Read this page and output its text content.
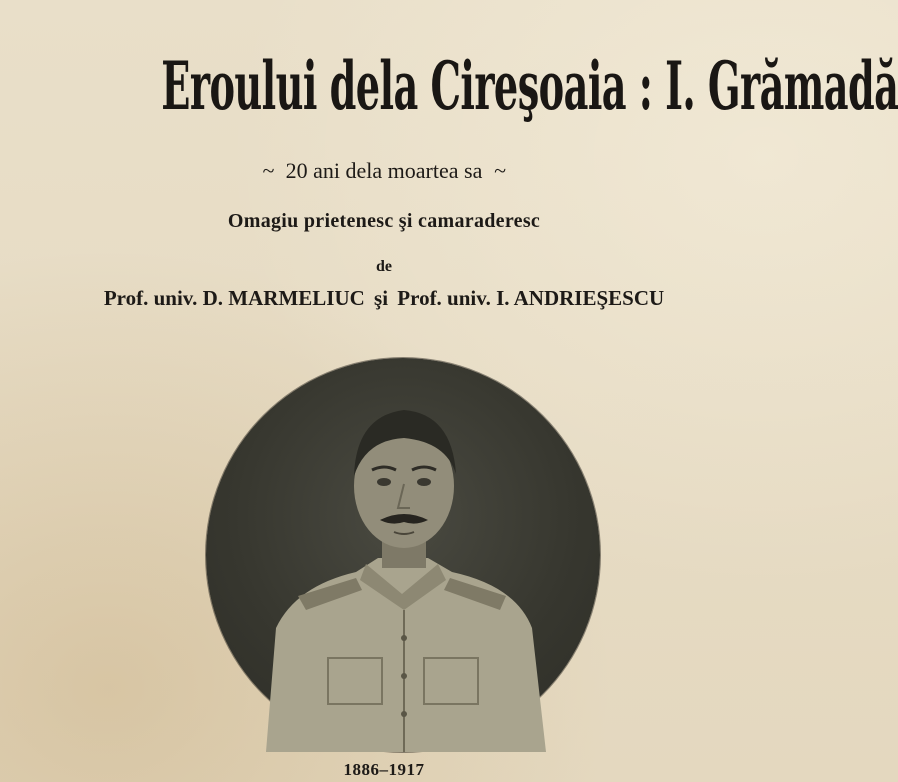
Eroului dela Cireşoaia : I. Grămadă
~ 20 ani dela moartea sa ~
Omagiu prietenesc şi camaraderesc
de
Prof. univ. D. MARMELIUC şi Prof. univ. I. ANDRIEŞESCU
1886–1917
